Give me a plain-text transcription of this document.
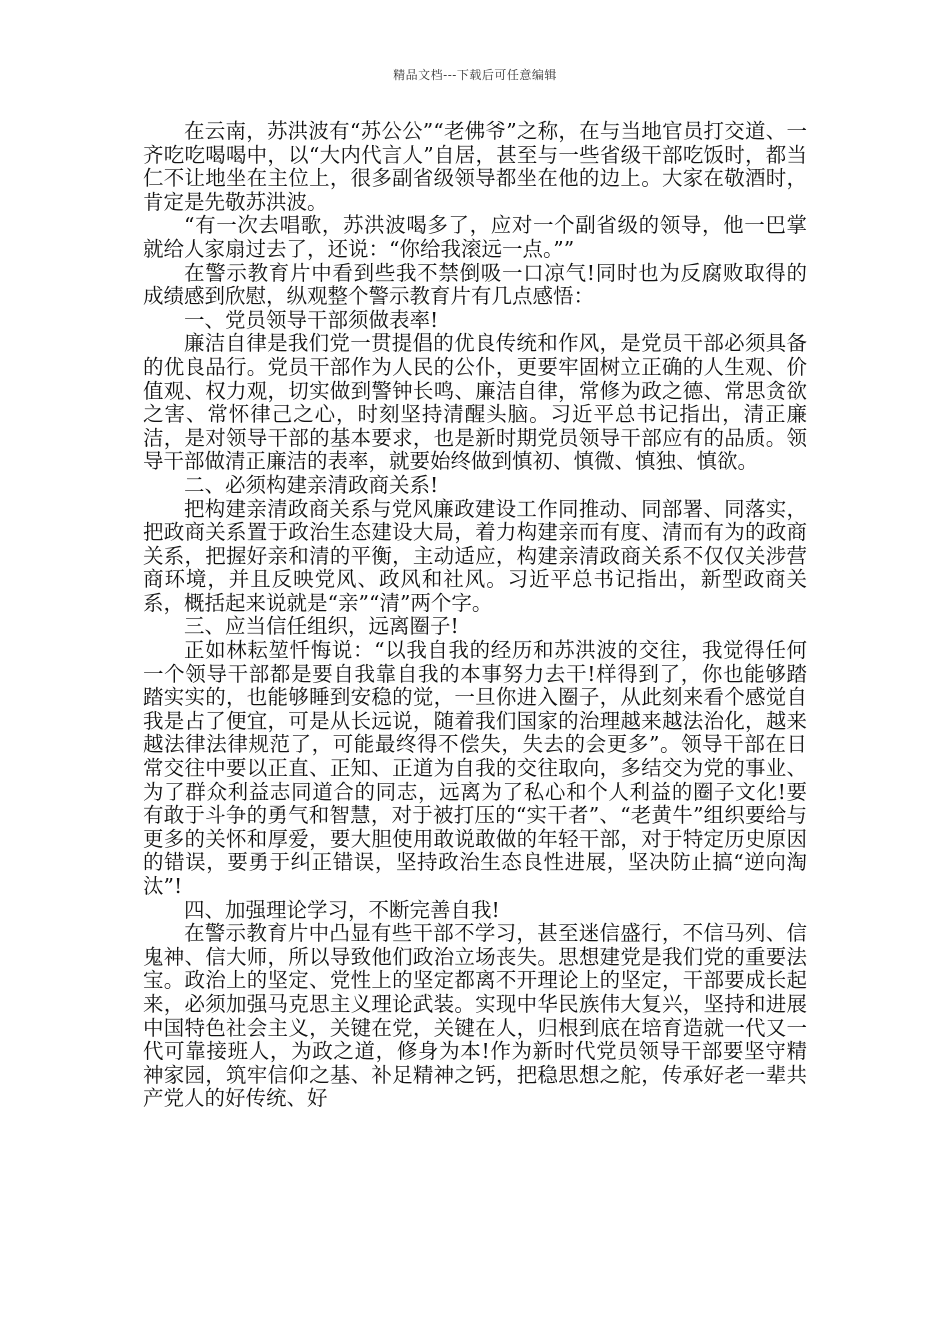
精品文档---下载后可任意编辑

在云南，苏洪波有“苏公公”“老佛爷”之称，在与当地官员打交道、一齐吃吃喝喝中，以“大内代言人”自居，甚至与一些省级干部吃饭时，都当仁不让地坐在主位上，很多副省级领导都坐在他的边上。大家在敬酒时，肯定是先敬苏洪波。

“有一次去唱歌，苏洪波喝多了，应对一个副省级的领导，他一巴掌就给人家扇过去了，还说：“你给我滚远一点。””

在警示教育片中看到些我不禁倒吸一口凉气!同时也为反腐败取得的成绩感到欣慰，纵观整个警示教育片有几点感悟：

一、党员领导干部须做表率!

廉洁自律是我们党一贯提倡的优良传统和作风，是党员干部必须具备的优良品行。党员干部作为人民的公仆，更要牢固树立正确的人生观、价值观、权力观，切实做到警钟长鸣、廉洁自律，常修为政之德、常思贪欲之害、常怀律己之心，时刻坚持清醒头脑。习近平总书记指出，清正廉洁，是对领导干部的基本要求，也是新时期党员领导干部应有的品质。领导干部做清正廉洁的表率，就要始终做到慎初、慎微、慎独、慎欲。

二、必须构建亲清政商关系!

把构建亲清政商关系与党风廉政建设工作同推动、同部署、同落实，把政商关系置于政治生态建设大局，着力构建亲而有度、清而有为的政商关系，把握好亲和清的平衡，主动适应，构建亲清政商关系不仅仅关涉营商环境，并且反映党风、政风和社风。习近平总书记指出，新型政商关系，概括起来说就是“亲”“清”两个字。

三、应当信任组织，远离圈子!

正如林耘堃忏悔说：“以我自我的经历和苏洪波的交往，我觉得任何一个领导干部都是要自我靠自我的本事努力去干!样得到了，你也能够踏踏实实的，也能够睡到安稳的觉，一旦你进入圈子，从此刻来看个感觉自我是占了便宜，可是从长远说，随着我们国家的治理越来越法治化，越来越法律法律规范了，可能最终得不偿失，失去的会更多”。领导干部在日常交往中要以正直、正知、正道为自我的交往取向，多结交为党的事业、为了群众利益志同道合的同志，远离为了私心和个人利益的圈子文化!要有敢于斗争的勇气和智慧，对于被打压的“实干者”、“老黄牛”组织要给与更多的关怀和厚爱，要大胆使用敢说敢做的年轻干部，对于特定历史原因的错误，要勇于纠正错误，坚持政治生态良性进展，坚决防止搞“逆向淘汰”!

四、加强理论学习，不断完善自我!

在警示教育片中凸显有些干部不学习，甚至迷信盛行，不信马列、信鬼神、信大师，所以导致他们政治立场丧失。思想建党是我们党的重要法宝。政治上的坚定、党性上的坚定都离不开理论上的坚定，干部要成长起来，必须加强马克思主义理论武装。实现中华民族伟大复兴，坚持和进展中国特色社会主义，关键在党，关键在人，归根到底在培育造就一代又一代可靠接班人，为政之道，修身为本!作为新时代党员领导干部要坚守精神家园，筑牢信仰之基、补足精神之钙，把稳思想之舵，传承好老一辈共产党人的好传统、好
